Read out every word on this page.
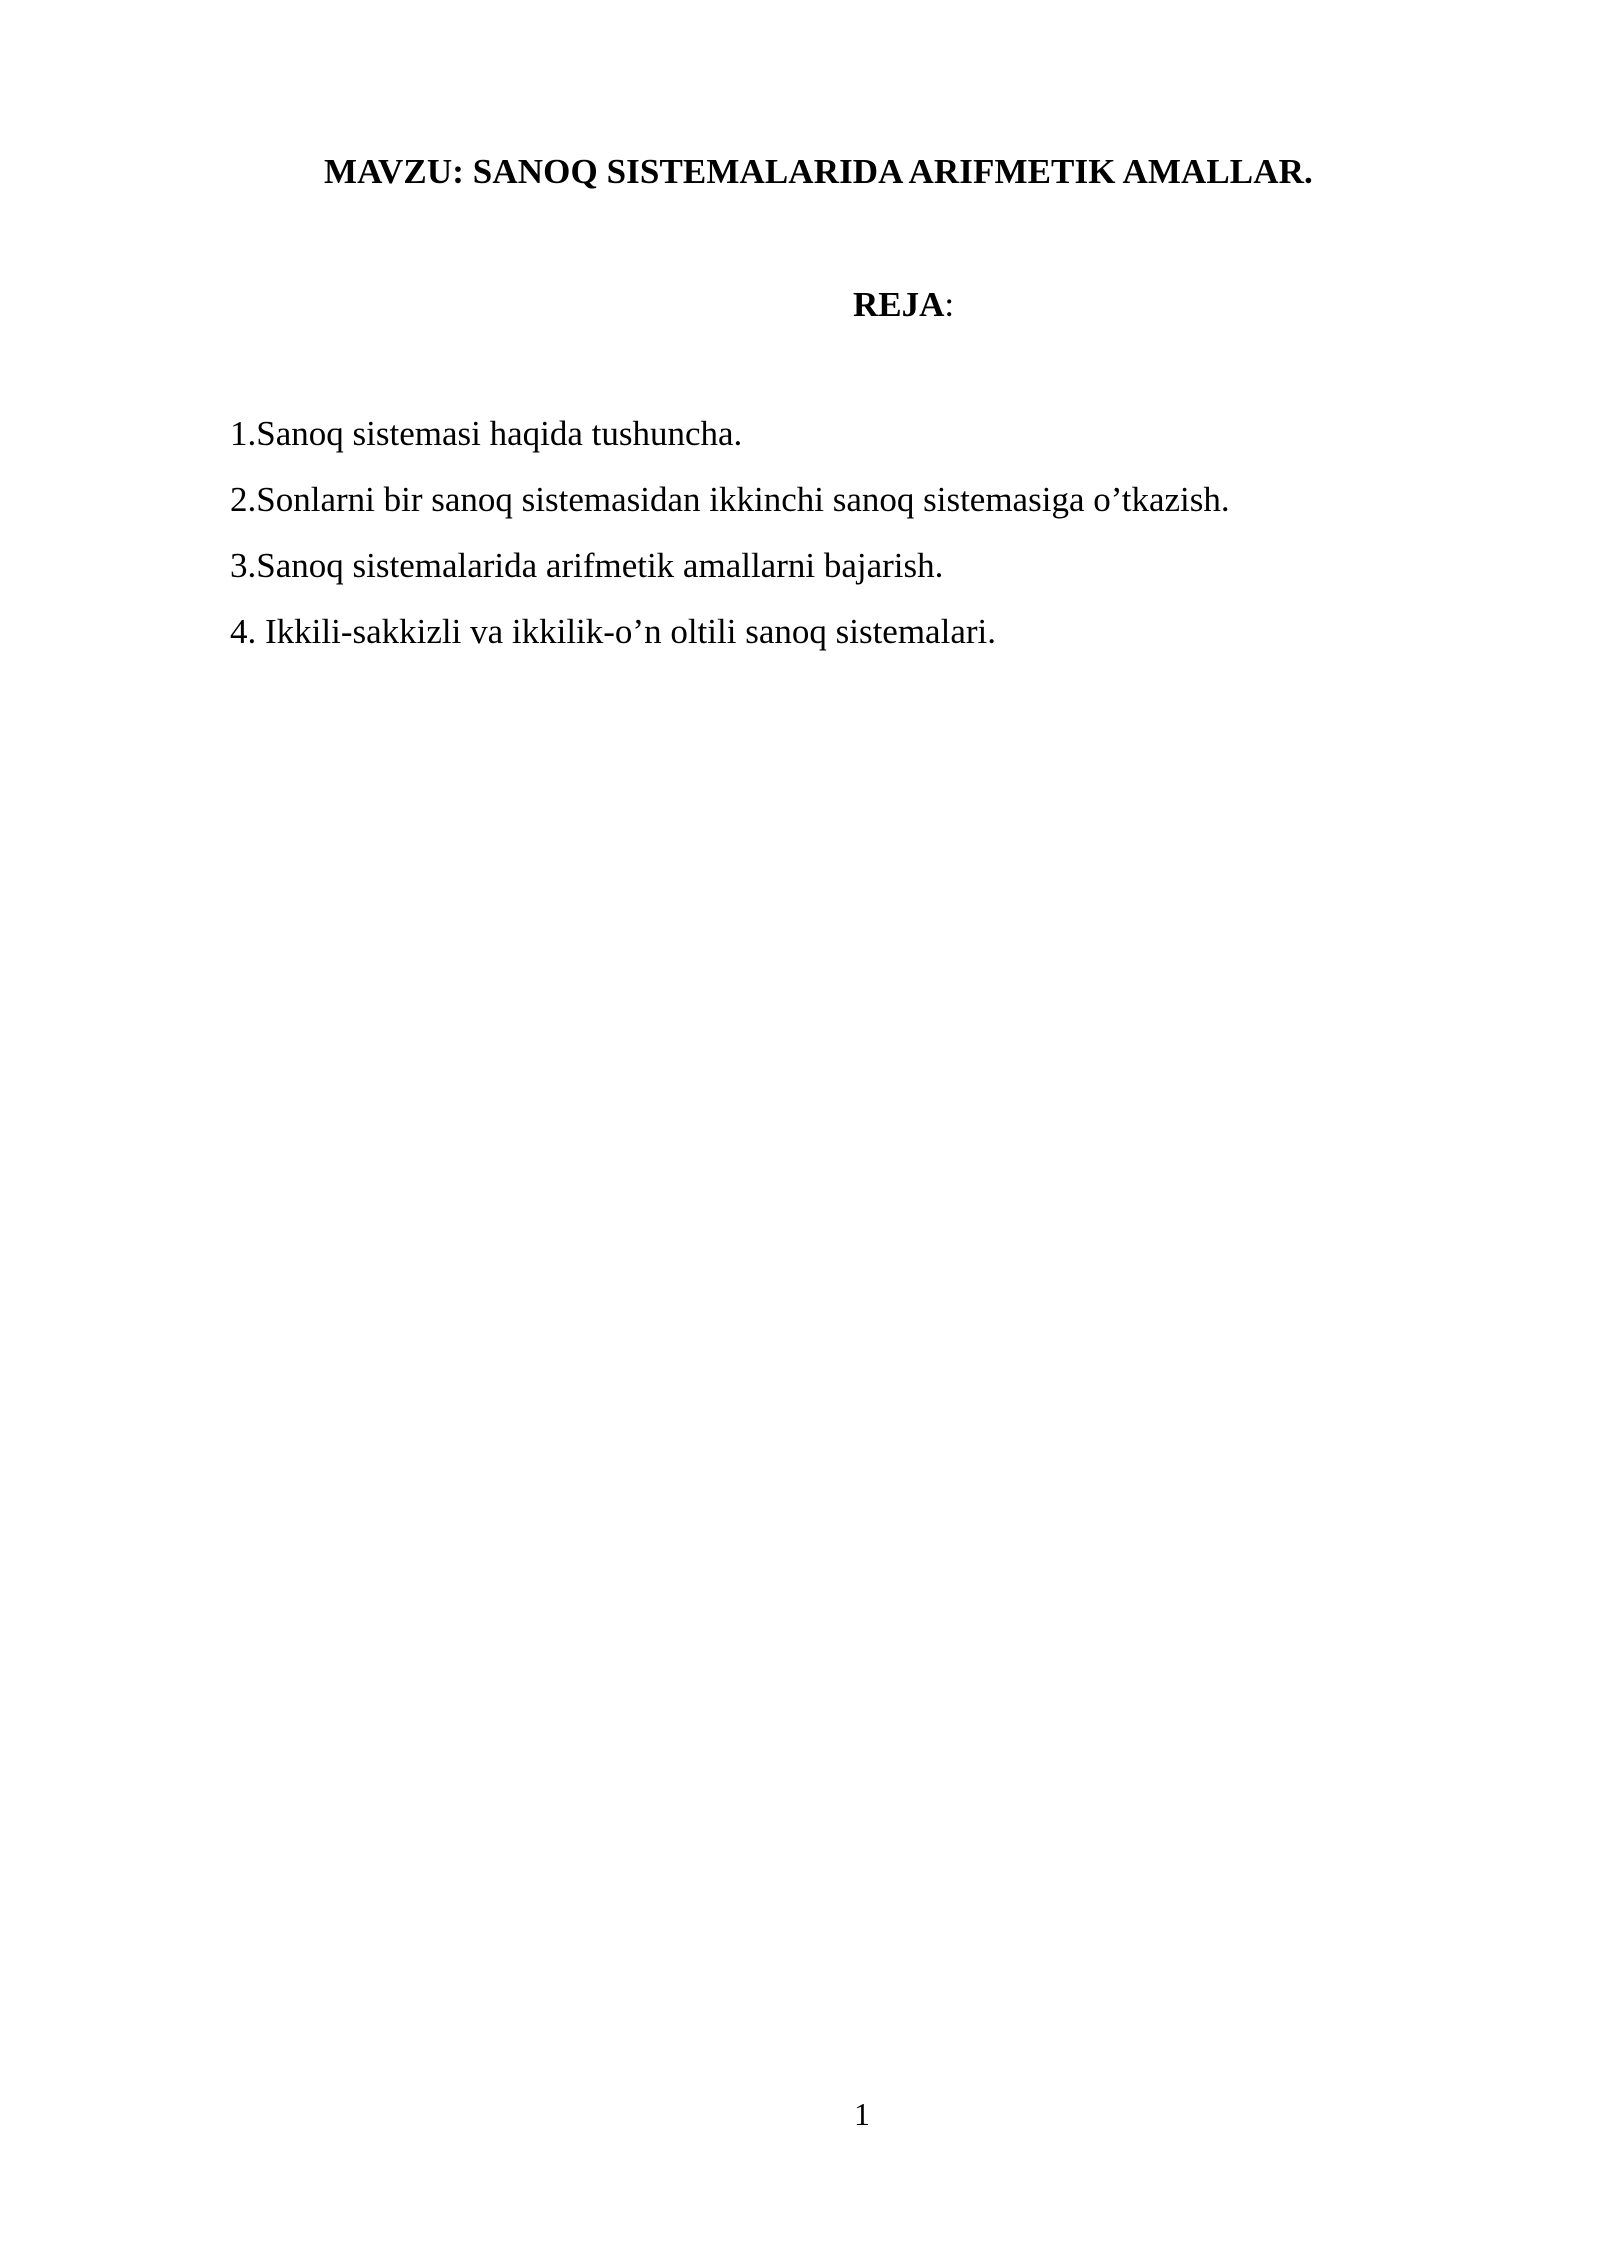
MAVZU: SANOQ SISTEMALARIDA ARIFMETIK AMALLAR.
REJA:
1.Sanoq sistemasi haqida tushuncha.
2.Sonlarni bir sanoq sistemasidan ikkinchi sanoq sistemasiga o’tkazish.
3.Sanoq sistemalarida arifmetik amallarni bajarish.
4. Ikkili-sakkizli va ikkilik-o’n oltili sanoq sistemalari.
1
